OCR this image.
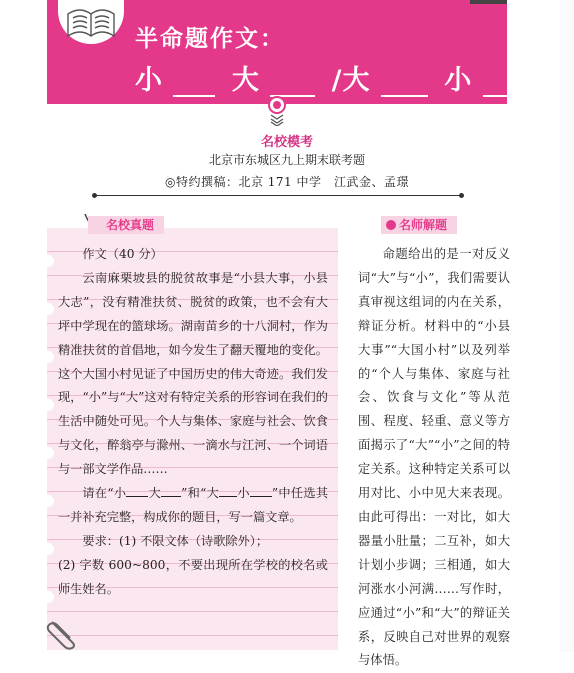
半命题作文：
小	大	/大	小
名校模考
北京市东城区九上期末联考题
◎特约撰稿：北京 171 中学　江武金、孟璟
名校真题	名师解题

作文（40 分）

云南麻栗坡县的脱贫故事是“小县大事，小县大志”，没有精准扶贫、脱贫的政策，也不会有大坪中学现在的篮球场。湖南苗乡的十八洞村，作为精准扶贫的首倡地，如今发生了翻天覆地的变化。这个大国小村见证了中国历史的伟大奇迹。我们发现，“小”与“大”这对有特定关系的形容词在我们的生活中随处可见。个人与集体、家庭与社会、饮食与文化，醉翁亭与滁州、一滴水与江河、一个词语与一部文学作品……

请在“小 大 ”和“大 小 ”中任选其一并补充完整，构成你的题目，写一篇文章。

要求：(1) 不限文体（诗歌除外）；

(2) 字数 600~800，不要出现所在学校的校名或师生姓名。

命题给出的是一对反义词“大”与“小”，我们需要认真审视这组词的内在关系，辩证分析。材料中的“小县大事”“大国小村”以及列举的“个人与集体、家庭与社会、饮食与文化”等从范围、程度、轻重、意义等方面揭示了“大”“小”之间的特定关系。这种特定关系可以用对比、小中见大来表现。由此可得出：一对比，如大器量小肚量；二互补，如大计划小步调；三相通，如大河涨水小河满……写作时，应通过“小”和“大”的辩证关系，反映自己对世界的观察与体悟。
